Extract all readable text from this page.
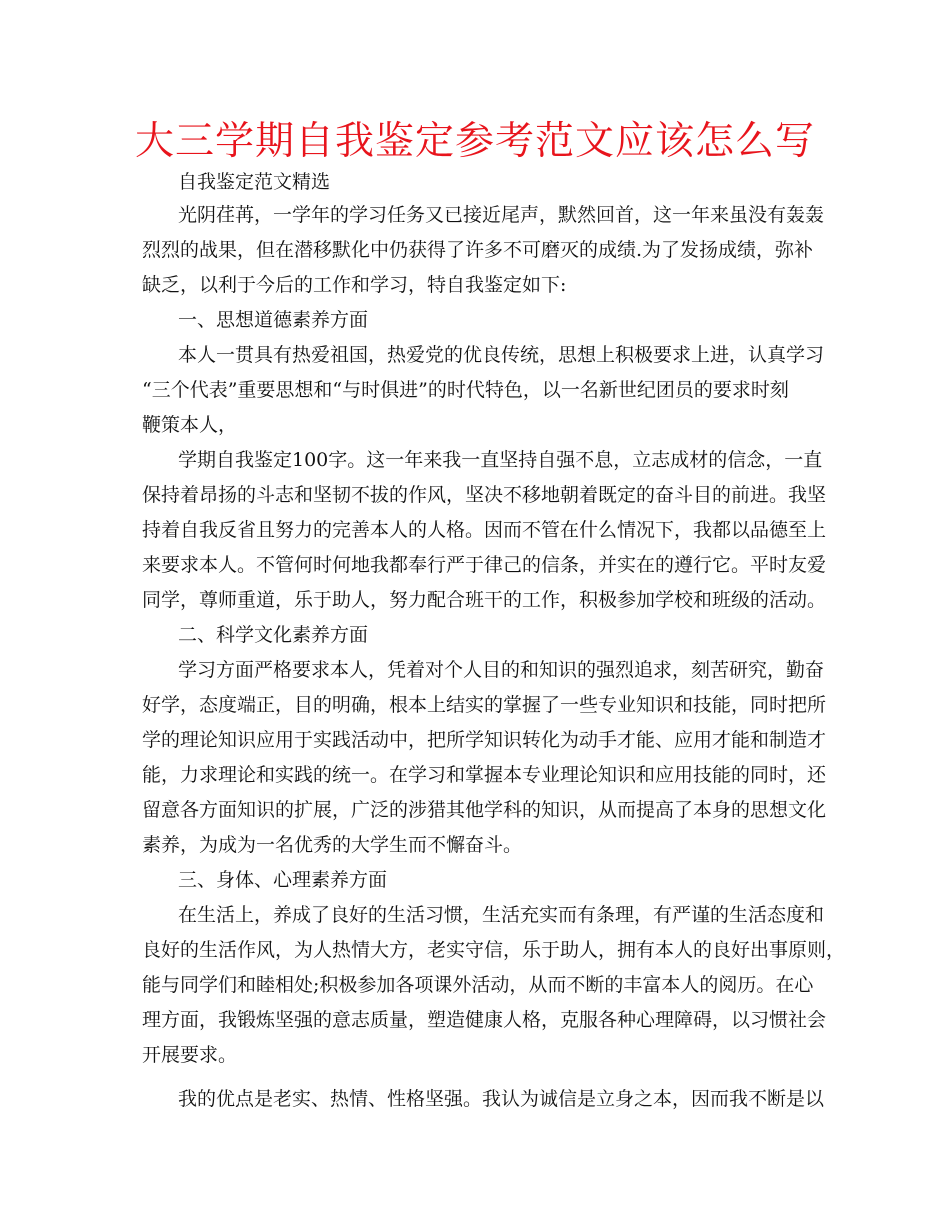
大三学期自我鉴定参考范文应该怎么写
自我鉴定范文精选
光阴荏苒，一学年的学习任务又已接近尾声，默然回首，这一年来虽没有轰轰
烈烈的战果，但在潜移默化中仍获得了许多不可磨灭的成绩.为了发扬成绩，弥补
缺乏，以利于今后的工作和学习，特自我鉴定如下:
一、思想道德素养方面
本人一贯具有热爱祖国，热爱党的优良传统，思想上积极要求上进，认真学习
“三个代表”重要思想和“与时俱进”的时代特色，以一名新世纪团员的要求时刻
鞭策本人，
学期自我鉴定100字。这一年来我一直坚持自强不息，立志成材的信念，一直
保持着昂扬的斗志和坚韧不拔的作风，坚决不移地朝着既定的奋斗目的前进。我坚
持着自我反省且努力的完善本人的人格。因而不管在什么情况下，我都以品德至上
来要求本人。不管何时何地我都奉行严于律己的信条，并实在的遵行它。平时友爱
同学，尊师重道，乐于助人，努力配合班干的工作，积极参加学校和班级的活动。
二、科学文化素养方面
学习方面严格要求本人，凭着对个人目的和知识的强烈追求，刻苦研究，勤奋
好学，态度端正，目的明确，根本上结实的掌握了一些专业知识和技能，同时把所
学的理论知识应用于实践活动中，把所学知识转化为动手才能、应用才能和制造才
能，力求理论和实践的统一。在学习和掌握本专业理论知识和应用技能的同时，还
留意各方面知识的扩展，广泛的涉猎其他学科的知识，从而提高了本身的思想文化
素养，为成为一名优秀的大学生而不懈奋斗。
三、身体、心理素养方面
在生活上，养成了良好的生活习惯，生活充实而有条理，有严谨的生活态度和
良好的生活作风，为人热情大方，老实守信，乐于助人，拥有本人的良好出事原则，
能与同学们和睦相处;积极参加各项课外活动，从而不断的丰富本人的阅历。在心
理方面，我锻炼坚强的意志质量，塑造健康人格，克服各种心理障碍，以习惯社会
开展要求。
我的优点是老实、热情、性格坚强。我认为诚信是立身之本，因而我不断是以
